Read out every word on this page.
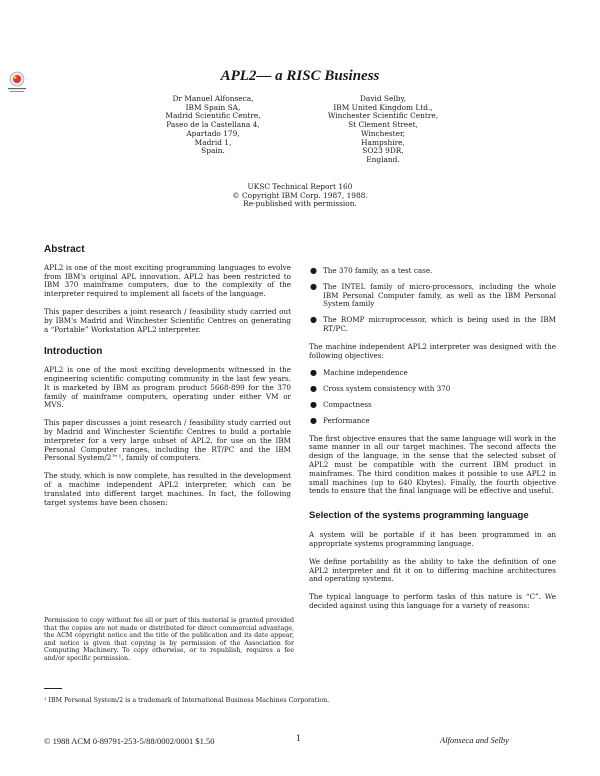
APL2— a RISC Business
Dr Manuel Alfonseca,
IBM Spain SA,
Madrid Scientific Centre,
Paseo de la Castellana 4,
Apartado 179,
Madrid 1,
Spain.
David Selby,
IBM United Kingdom Ltd.,
Winchester Scientific Centre,
St Clement Street,
Winchester,
Hampshire,
SO23 9DR,
England.
UKSC Technical Report 160
© Copyright IBM Corp. 1987, 1988.
Re-published with permission.
Abstract

APL2 is one of the most exciting programming languages to evolve from IBM's original APL innovation. APL2 has been restricted to IBM 370 mainframe computers, due to the complexity of the interpreter required to implement all facets of the language.

This paper describes a joint research / feasibility study carried out by IBM's Madrid and Winchester Scientific Centres on generating a “Portable” Workstation APL2 interpreter.

Introduction

APL2 is one of the most exciting developments witnessed in the engineering scientific computing community in the last few years. It is marketed by IBM as program product 5668-899 for the 370 family of mainframe computers, operating under either VM or MVS.

This paper discusses a joint research / feasibility study carried out by Madrid and Winchester Scientific Centres to build a portable interpreter for a very large subset of APL2, for use on the IBM Personal Computer ranges, including the RT/PC and the IBM Personal System/2™¹, family of computers.

The study, which is now complete, has resulted in the development of a machine independent APL2 interpreter, which can be translated into different target machines. In fact, the following target systems have been chosen:

● The 370 family, as a test case.
● The INTEL family of micro-processors, including the whole IBM Personal Computer family, as well as the IBM Personal System family
● The ROMP microprocessor, which is being used in the IBM RT/PC.

The machine independent APL2 interpreter was designed with the following objectives:

● Machine independence
● Cross system consistency with 370
● Compactness
● Performance

The first objective ensures that the same language will work in the same manner in all our target machines. The second affects the design of the language, in the sense that the selected subset of APL2 must be compatible with the current IBM product in mainframes. The third condition makes it possible to use APL2 in small machines (up to 640 Kbytes). Finally, the fourth objective tends to ensure that the final language will be effective and useful.

Selection of the systems programming language

A system will be portable if it has been programmed in an appropriate systems programming language.

We define portability as the ability to take the definition of one APL2 interpreter and fit it on to differing machine architectures and operating systems.

The typical language to perform tasks of this nature is “C”. We decided against using this language for a variety of reasons:

Permission to copy without fee all or part of this material is granted provided that the copies are not made or distributed for direct commercial advantage, the ACM copyright notice and the title of the publication and its date appear, and notice is given that copying is by permission of the Association for Computing Machinery. To copy otherwise, or to republish, requires a fee and/or specific permission.
¹ IBM Personal System/2 is a trademark of International Business Machines Corporation.
© 1988 ACM 0-89791-253-5/88/0002/0001 $1.50	1	Alfonseca and Selby
